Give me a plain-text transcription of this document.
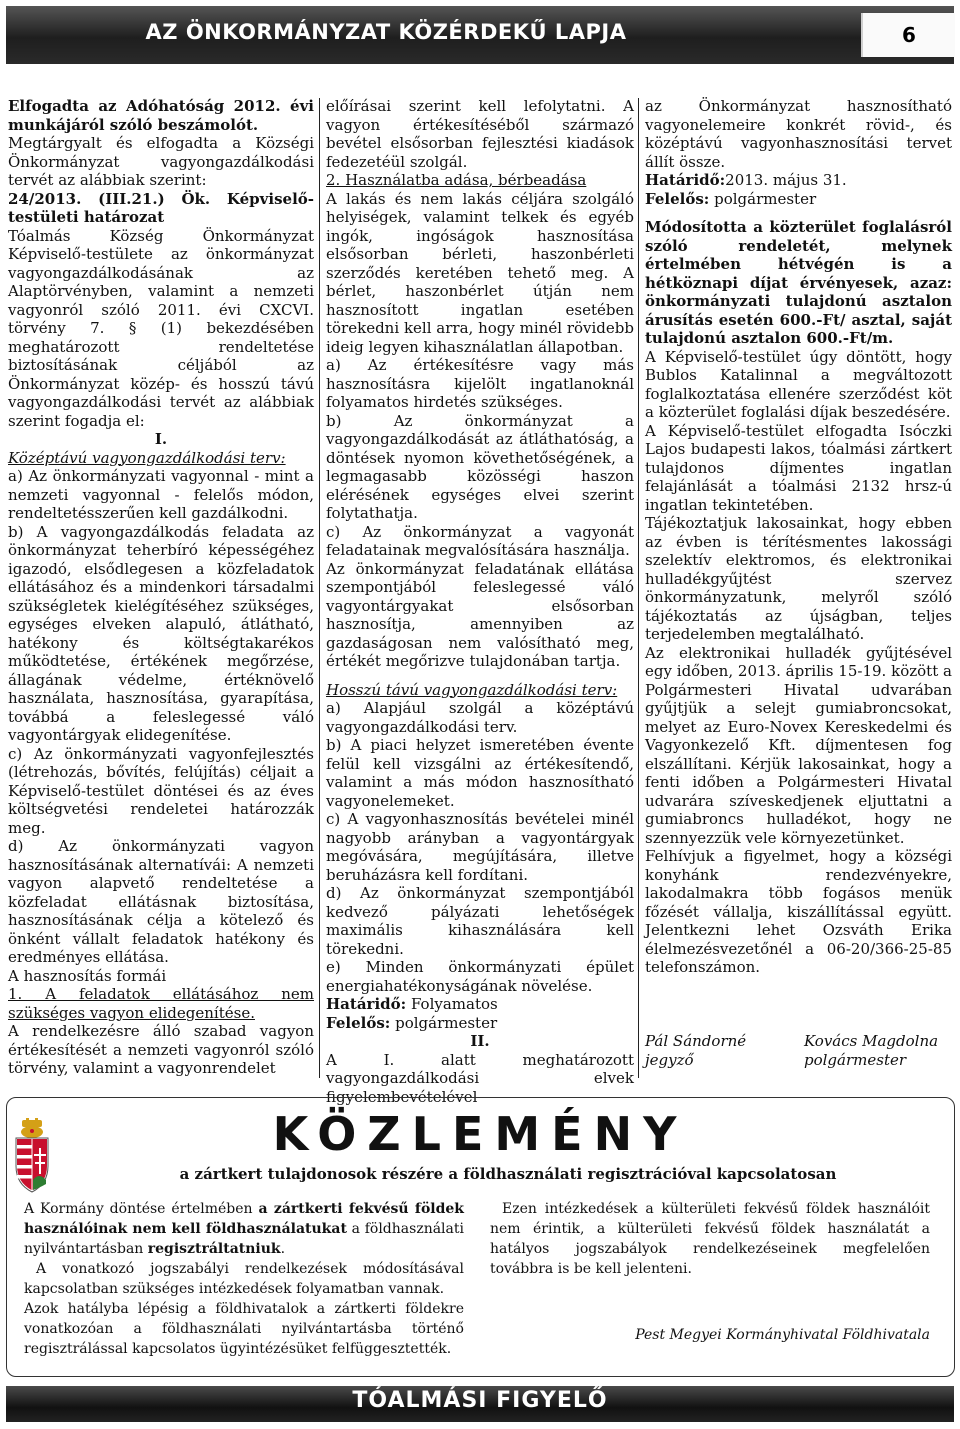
AZ ÖNKORMÁNYZAT KÖZÉRDEKŰ LAPJA	6

Elfogadta az Adóhatóság 2012. évi munkájáról szóló beszámolót.

Megtárgyalt és elfogadta a Községi Önkormányzat vagyongazdálkodási tervét az alábbiak szerint:

24/2013. (III.21.) Ök. Képviselő-testületi határozat

Tóalmás Község Önkormányzat Képviselő-testülete az önkormányzat vagyongazdálkodásának az Alaptörvényben, valamint a nemzeti vagyonról szóló 2011. évi CXCVI. törvény 7. § (1) bekezdésében meghatározott rendeltetése biztosításának céljából az Önkormányzat közép- és hosszú távú vagyongazdálkodási tervét az alábbiak szerint fogadja el:

I.

Középtávú vagyongazdálkodási terv:

a) Az önkormányzati vagyonnal - mint a nemzeti vagyonnal - felelős módon, rendeltetésszerűen kell gazdálkodni.

b) A vagyongazdálkodás feladata az önkormányzat teherbíró képességéhez igazodó, elsődlegesen a közfeladatok ellátásához és a mindenkori társadalmi szükségletek kielégítéséhez szükséges, egységes elveken alapuló, átlátható, hatékony és költségtakarékos működtetése, értékének megőrzése, állagának védelme, értéknövelő használata, hasznosítása, gyarapítása, továbbá a feleslegessé váló vagyontárgyak elidegenítése.

c) Az önkormányzati vagyonfejlesztés (létrehozás, bővítés, felújítás) céljait a Képviselő-testület döntései és az éves költségvetési rendeletei határozzák meg.

d) Az önkormányzati vagyon hasznosításának alternatívái: A nemzeti vagyon alapvető rendeltetése a közfeladat ellátásnak biztosítása, hasznosításának célja a kötelező és önként vállalt feladatok hatékony és eredményes ellátása.

A hasznosítás formái

1. A feladatok ellátásához nem szükséges vagyon elidegenítése.

A rendelkezésre álló szabad vagyon értékesítését a nemzeti vagyonról szóló törvény, valamint a vagyonrendelet

előírásai szerint kell lefolytatni. A vagyon értékesítéséből származó bevétel elsősorban fejlesztési kiadások fedezetéül szolgál.

2. Használatba adása, bérbeadása

A lakás és nem lakás céljára szolgáló helyiségek, valamint telkek és egyéb ingók, ingóságok hasznosítása elsősorban bérleti, haszonbérleti szerződés keretében tehető meg. A bérlet, haszonbérlet útján nem hasznosított ingatlan esetében törekedni kell arra, hogy minél rövidebb ideig legyen kihasználatlan állapotban.

a) Az értékesítésre vagy más hasznosításra kijelölt ingatlanoknál folyamatos hirdetés szükséges.

b) Az önkormányzat a vagyongazdálkodását az átláthatóság, a döntések nyomon követhetőségének, a legmagasabb közösségi haszon elérésének egységes elvei szerint folytathatja.

c) Az önkormányzat a vagyonát feladatainak megvalósítására használja.

Az önkormányzat feladatának ellátása szempontjából feleslegessé váló vagyontárgyakat elsősorban hasznosítja, amennyiben az gazdaságosan nem valósítható meg, értékét megőrizve tulajdonában tartja.

Hosszú távú vagyongazdálkodási terv:

a) Alapjául szolgál a középtávú vagyongazdálkodási terv.

b) A piaci helyzet ismeretében évente felül kell vizsgálni az értékesítendő, valamint a más módon hasznosítható vagyonelemeket.

c) A vagyonhasznosítás bevételei minél nagyobb arányban a vagyontárgyak megóvására, megújítására, illetve beruházásra kell fordítani.

d) Az önkormányzat szempontjából kedvező pályázati lehetőségek maximális kihasználására kell törekedni.

e) Minden önkormányzati épület energiahatékonyságának növelése.

Határidő: Folyamatos

Felelős: polgármester

II.

A I. alatt meghatározott vagyongazdálkodási elvek figyelembevételével

az Önkormányzat hasznosítható vagyonelemeire konkrét rövid-, és középtávú vagyonhasznosítási tervet állít össze.

Határidő:2013. május 31.

Felelős: polgármester

Módosította a közterület foglalásról szóló rendeletét, melynek értelmében hétvégén is a hétköznapi díjat érvényesek, azaz: önkormányzati tulajdonú asztalon árusítás esetén 600.-Ft/ asztal, saját tulajdonú asztalon 600.-Ft/m.

A Képviselő-testület úgy döntött, hogy Bublos Katalinnal a megváltozott foglalkoztatása ellenére szerződést köt a közterület foglalási díjak beszedésére.

A Képviselő-testület elfogadta Isóczki Lajos budapesti lakos, tóalmási zártkert tulajdonos díjmentes ingatlan felajánlását a tóalmási 2132 hrsz-ú ingatlan tekintetében.

Tájékoztatjuk lakosainkat, hogy ebben az évben is térítésmentes lakossági szelektív elektromos, és elektronikai hulladékgyűjtést szervez önkormányzatunk, melyről szóló tájékoztatás az újságban, teljes terjedelemben megtalálható.

Az elektronikai hulladék gyűjtésével egy időben, 2013. április 15-19. között a Polgármesteri Hivatal udvarában gyűjtjük a selejt gumiabroncsokat, melyet az Euro-Novex Kereskedelmi és Vagyonkezelő Kft. díjmentesen fog elszállítani. Kérjük lakosainkat, hogy a fenti időben a Polgármesteri Hivatal udvarára szíveskedjenek eljuttatni a gumiabroncs hulladékot, hogy ne szennyezzük vele környezetünket.

Felhívjuk a figyelmet, hogy a községi konyhánk rendezvényekre, lakodalmakra több fogásos menük főzését vállalja, kiszállítással együtt. Jelentkezni lehet Ozsváth Erika élelmezésvezetőnél a 06-20/366-25-85 telefonszámon.

Pál Sándorné
jegyző
Kovács Magdolna
polgármester
KÖZLEMÉNY
a zártkert tulajdonosok részére a földhasználati regisztrációval kapcsolatosan

A Kormány döntése értelmében a zártkerti fekvésű földek használóinak nem kell földhasználatukat a földhasználati nyilvántartásban regisztráltatniuk.

A vonatkozó jogszabályi rendelkezések módosításával kapcsolatban szükséges intézkedések folyamatban vannak.

Azok hatályba lépésig a földhivatalok a zártkerti földekre vonatkozóan a földhasználati nyilvántartásba történő regisztrálással kapcsolatos ügyintézésüket felfüggesztették.

Ezen intézkedések a külterületi fekvésű földek használóit nem érintik, a külterületi fekvésű földek használatát a hatályos jogszabályok rendelkezéseinek megfelelően továbbra is be kell jelenteni.

Pest Megyei Kormányhivatal Földhivatala
TÓALMÁSI FIGYELŐ
